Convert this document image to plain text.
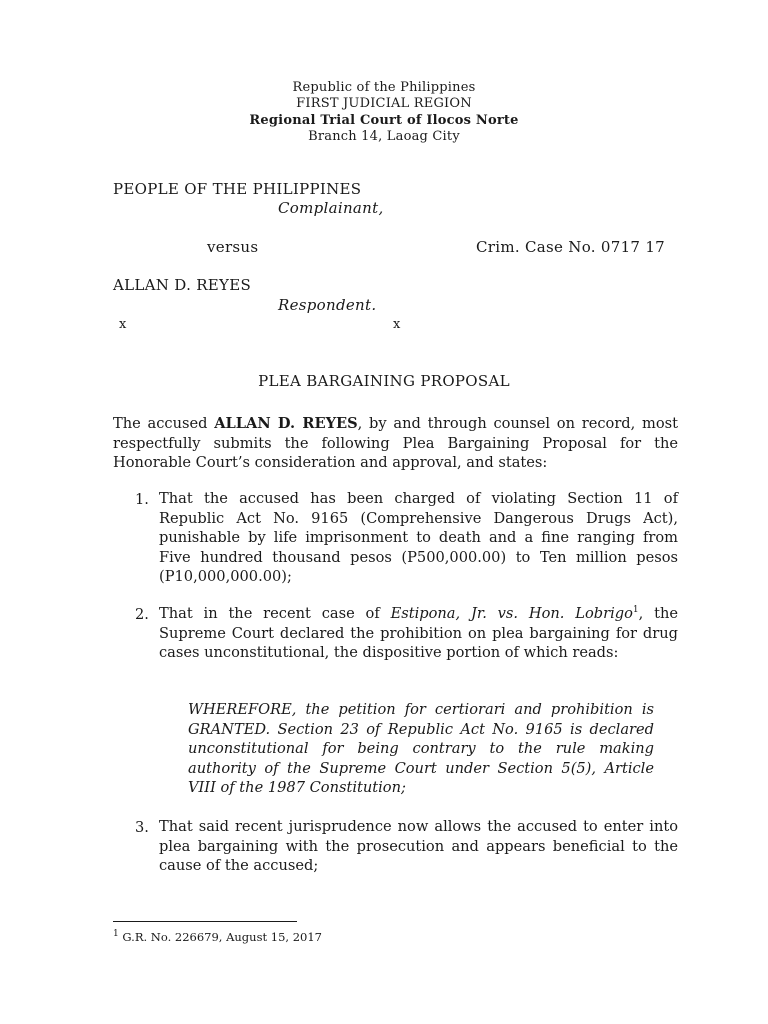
Republic of the Philippines
FIRST JUDICIAL REGION
Regional Trial Court of Ilocos Norte
Branch 14, Laoag City
PEOPLE OF THE PHILIPPINES
Complainant,
versus	Crim. Case No. 0717 17
ALLAN D. REYES
Respondent.
x	x
PLEA BARGAINING PROPOSAL
The accused ALLAN D. REYES, by and through counsel on record, most respectfully submits the following Plea Bargaining Proposal for the Honorable Court’s consideration and approval, and states:
1. That the accused has been charged of violating Section 11 of Republic Act No. 9165 (Comprehensive Dangerous Drugs Act), punishable by life imprisonment to death and a fine ranging from Five hundred thousand pesos (P500,000.00) to Ten million pesos (P10,000,000.00);
2. That in the recent case of Estipona, Jr. vs. Hon. Lobrigo$^1$, the Supreme Court declared the prohibition on plea bargaining for drug cases unconstitutional, the dispositive portion of which reads:
WHEREFORE, the petition for certiorari and prohibition is GRANTED. Section 23 of Republic Act No. 9165 is declared unconstitutional for being contrary to the rule making authority of the Supreme Court under Section 5(5), Article VIII of the 1987 Constitution;
3. That said recent jurisprudence now allows the accused to enter into plea bargaining with the prosecution and appears beneficial to the cause of the accused;
$^1$ G.R. No. 226679, August 15, 2017
